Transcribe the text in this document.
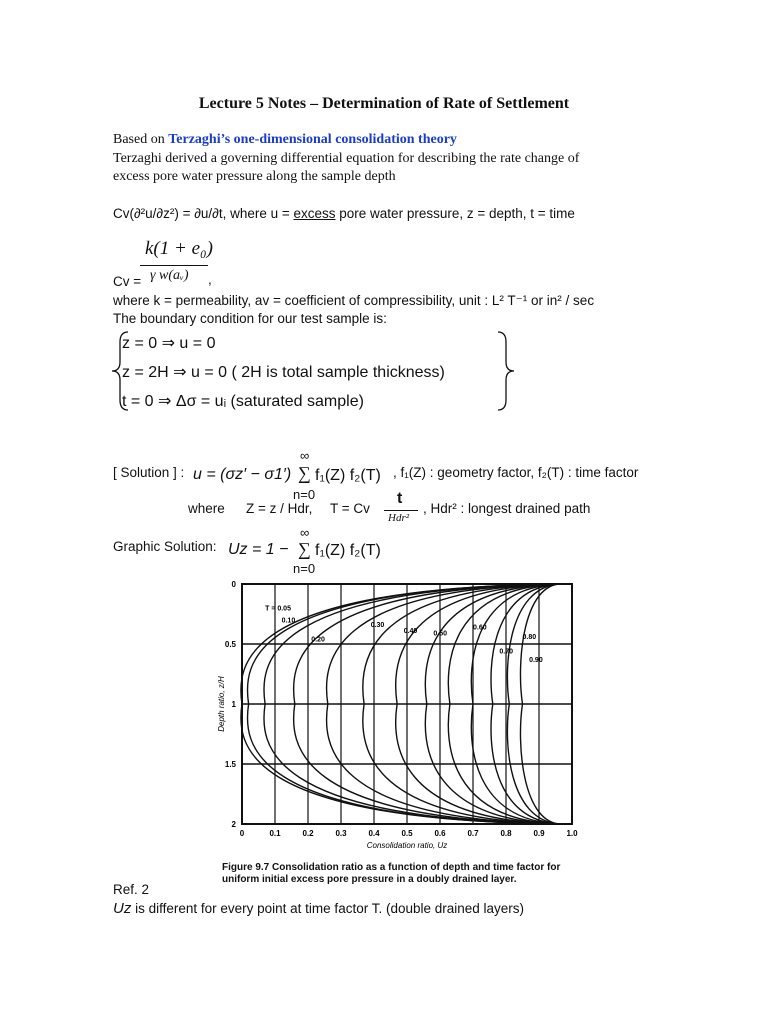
Lecture 5 Notes – Determination of Rate of Settlement
Based on Terzaghi’s one-dimensional consolidation theory
Terzaghi derived a governing differential equation for describing the rate change of
excess pore water pressure along the sample depth
Cv(∂²u/∂z²) = ∂u/∂t, where u = excess pore water pressure, z = depth, t = time
k(1 + e₀)
Cv = γ w(aᵥ) ,
where k = permeability, av = coefficient of compressibility, unit : L² T⁻¹ or in² / sec
The boundary condition for our test sample is:
z = 0 ⇒ u = 0
z = 2H ⇒ u = 0 ( 2H is total sample thickness)
t = 0 ⇒ Δσ = uᵢ (saturated sample)
[ Solution ] : u = (σz′ − σ1′)
∞
∑
n=0
f₁(Z) f₂(T) , f₁(Z) : geometry factor, f₂(T) : time factor
where Z = z / Hdr, T = Cv
t
Hdr²
, Hdr² : longest drained path
Graphic Solution: Uz = 1 −
∞
∑
n=0
f₁(Z) f₂(T)
0	0.1	0.2	0.3	0.4	0.5	0.6	0.7	0.8	0.9	1.0
0
0.5
1
1.5
2
Consolidation ratio, Uz
Depth ratio, z/H
T = 0.05
0.10
0.20
0.30
0.40 0.50
0.60
0.70
0.80
0.90
Figure 9.7 Consolidation ratio as a function of depth and time factor for uniform initial excess pore pressure in a doubly drained layer.
Ref. 2
Uz is different for every point at time factor T. (double drained layers)
